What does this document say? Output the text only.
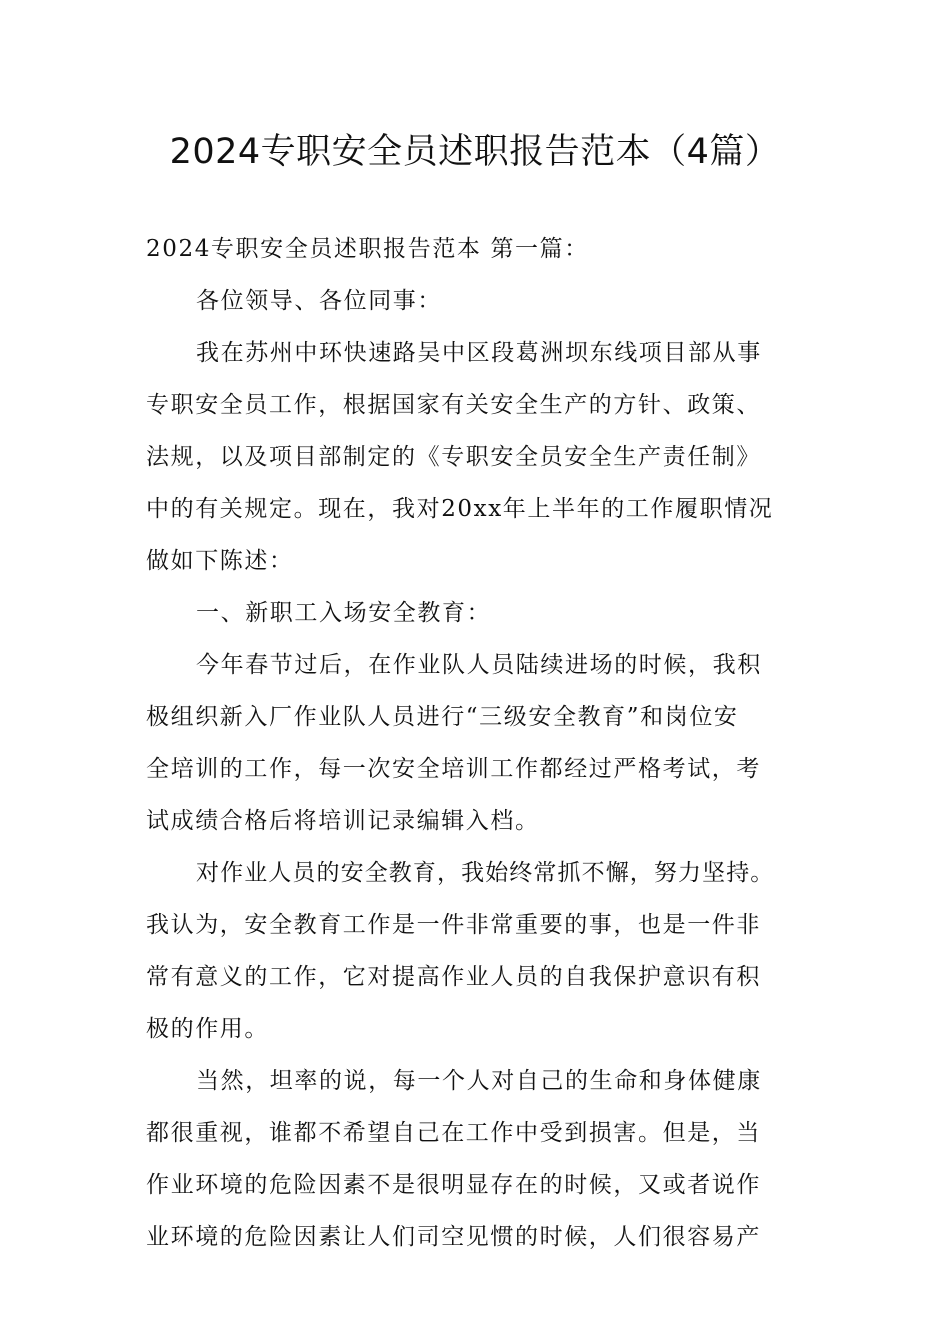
2024专职安全员述职报告范本（4篇）
2024专职安全员述职报告范本 第一篇：
各位领导、各位同事：
我在苏州中环快速路吴中区段葛洲坝东线项目部从事
专职安全员工作，根据国家有关安全生产的方针、政策、
法规，以及项目部制定的《专职安全员安全生产责任制》
中的有关规定。现在，我对20xx年上半年的工作履职情况
做如下陈述：
一、新职工入场安全教育：
今年春节过后，在作业队人员陆续进场的时候，我积
极组织新入厂作业队人员进行“三级安全教育”和岗位安
全培训的工作，每一次安全培训工作都经过严格考试，考
试成绩合格后将培训记录编辑入档。
对作业人员的安全教育，我始终常抓不懈，努力坚持。
我认为，安全教育工作是一件非常重要的事，也是一件非
常有意义的工作，它对提高作业人员的自我保护意识有积
极的作用。
当然，坦率的说，每一个人对自己的生命和身体健康
都很重视，谁都不希望自己在工作中受到损害。但是，当
作业环境的危险因素不是很明显存在的时候，又或者说作
业环境的危险因素让人们司空见惯的时候，人们很容易产
